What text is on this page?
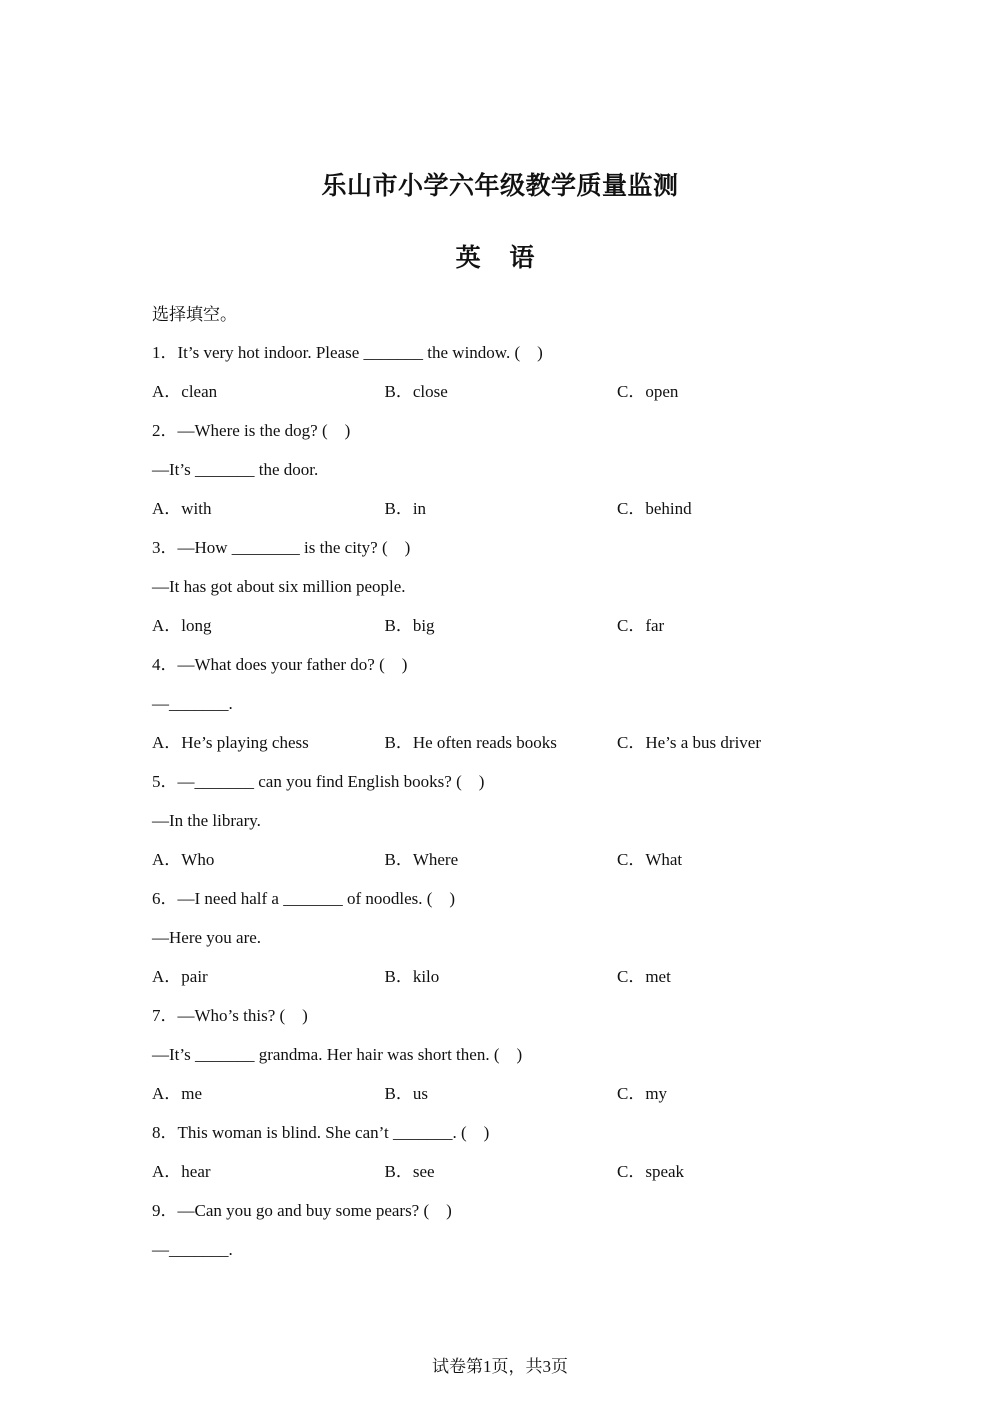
乐山市小学六年级教学质量监测
英 语
选择填空。
1．It’s very hot indoor. Please _______ the window. (    )
A．clean	B．close	C．open
2．—Where is the dog? (    )
—It’s _______ the door.
A．with	B．in	C．behind
3．—How ________ is the city? (    )
—It has got about six million people.
A．long	B．big	C．far
4．—What does your father do? (    )
—_______.
A．He’s playing chess	B．He often reads books	C．He’s a bus driver
5．—_______ can you find English books? (    )
—In the library.
A．Who	B．Where	C．What
6．—I need half a _______ of noodles. (    )
—Here you are.
A．pair	B．kilo	C．met
7．—Who’s this? (    )
—It’s _______ grandma. Her hair was short then. (    )
A．me	B．us	C．my
8．This woman is blind. She can’t _______. (    )
A．hear	B．see	C．speak
9．—Can you go and buy some pears? (    )
—_______.
试卷第1页，共3页
